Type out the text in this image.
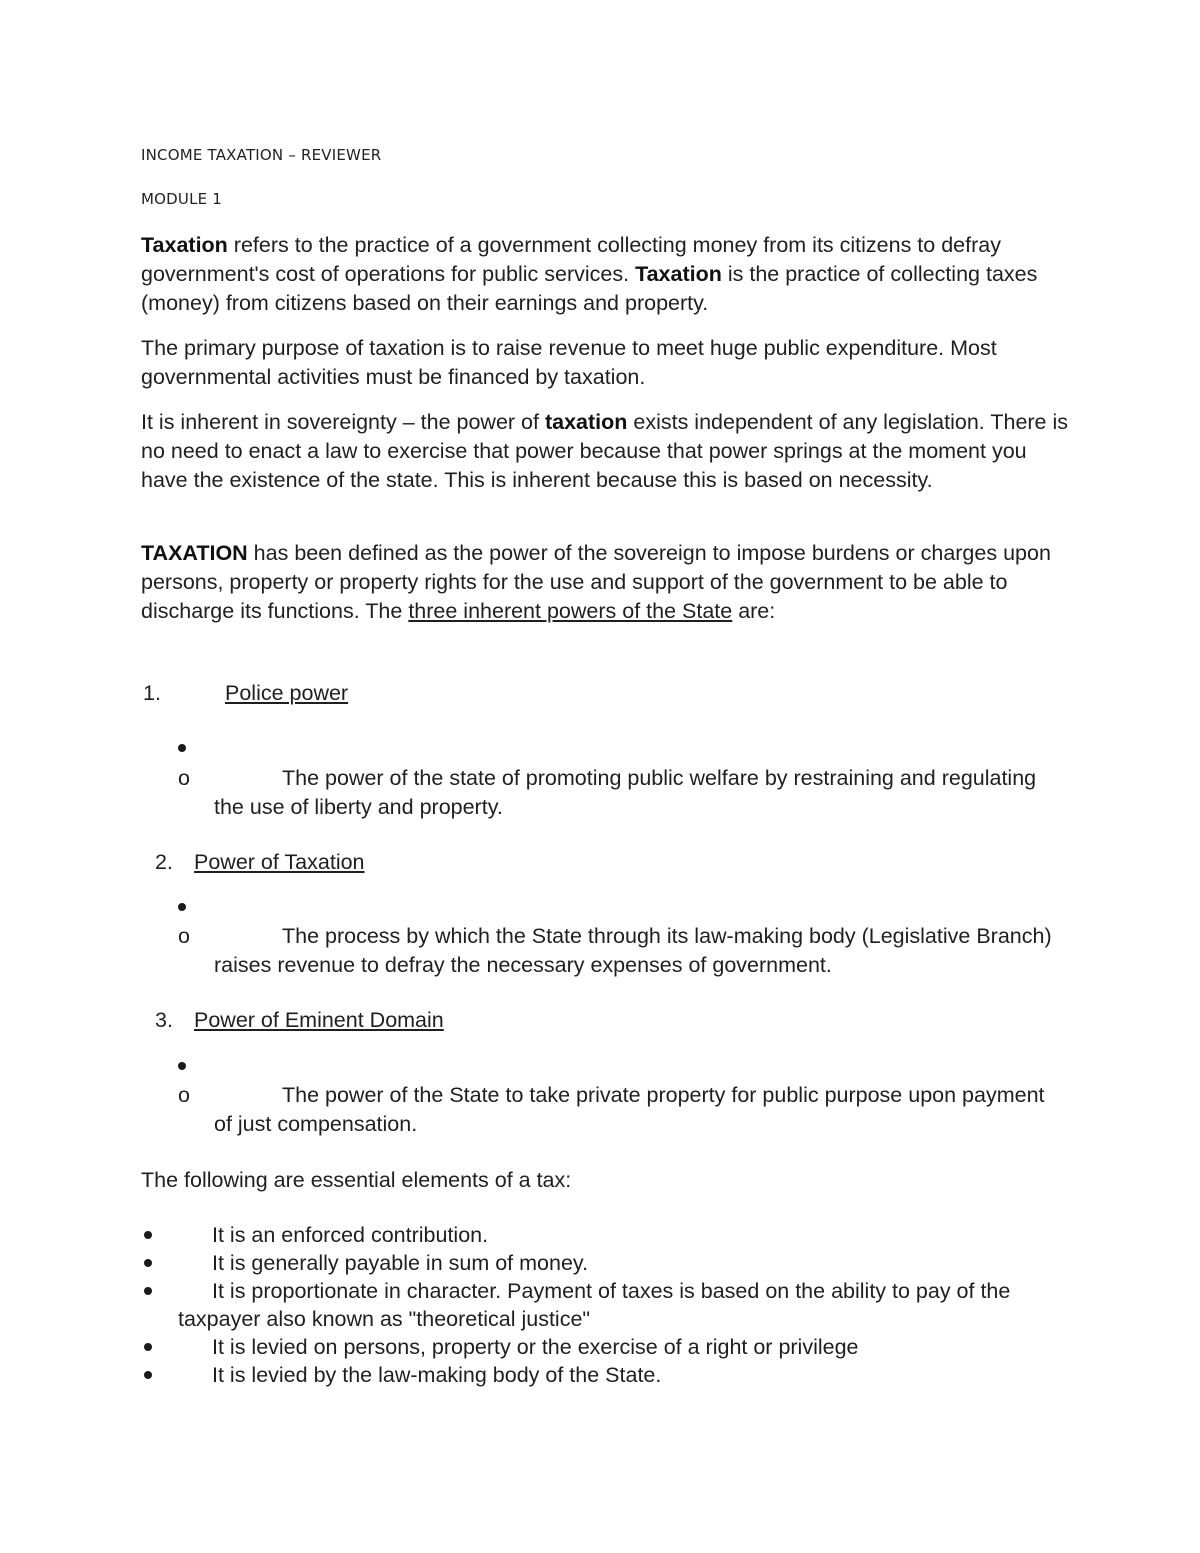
INCOME TAXATION – REVIEWER
MODULE 1

Taxation refers to the practice of a government collecting money from its citizens to defray government's cost of operations for public services. Taxation is the practice of collecting taxes (money) from citizens based on their earnings and property.

The primary purpose of taxation is to raise revenue to meet huge public expenditure. Most governmental activities must be financed by taxation.

It is inherent in sovereignty – the power of taxation exists independent of any legislation. There is no need to enact a law to exercise that power because that power springs at the moment you have the existence of the state. This is inherent because this is based on necessity.

TAXATION has been defined as the power of the sovereign to impose burdens or charges upon persons, property or property rights for the use and support of the government to be able to discharge its functions. The three inherent powers of the State are:

1.	Police power
o	The power of the state of promoting public welfare by restraining and regulating the use of liberty and property.

2. Power of Taxation
o	The process by which the State through its law-making body (Legislative Branch) raises revenue to defray the necessary expenses of government.

3. Power of Eminent Domain
o	The power of the State to take private property for public purpose upon payment of just compensation.

The following are essential elements of a tax:

It is an enforced contribution.

It is generally payable in sum of money.

It is proportionate in character. Payment of taxes is based on the ability to pay of the taxpayer also known as "theoretical justice"

It is levied on persons, property or the exercise of a right or privilege

It is levied by the law-making body of the State.
